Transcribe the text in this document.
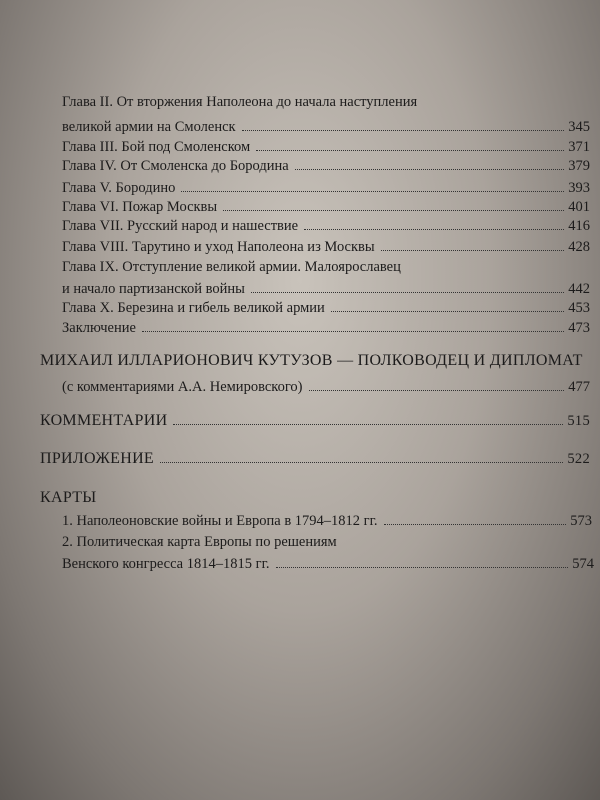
Глава II. От вторжения Наполеона до начала наступления
великой армии на Смоленск	345
Глава III. Бой под Смоленском	371
Глава IV. От Смоленска до Бородина	379
Глава V. Бородино	393
Глава VI. Пожар Москвы	401
Глава VII. Русский народ и нашествие	416
Глава VIII. Тарутино и уход Наполеона из Москвы	428
Глава IX. Отступление великой армии. Малоярославец
и начало партизанской войны	442
Глава X. Березина и гибель великой армии	453
Заключение	473
МИХАИЛ ИЛЛАРИОНОВИЧ КУТУЗОВ — ПОЛКОВОДЕЦ И ДИПЛОМАТ
(с комментариями А.А. Немировского)	477
КОММЕНТАРИИ	515
ПРИЛОЖЕНИЕ	522
КАРТЫ
1. Наполеоновские войны и Европа в 1794–1812 гг.	573
2. Политическая карта Европы по решениям
Венского конгресса 1814–1815 гг.	574
